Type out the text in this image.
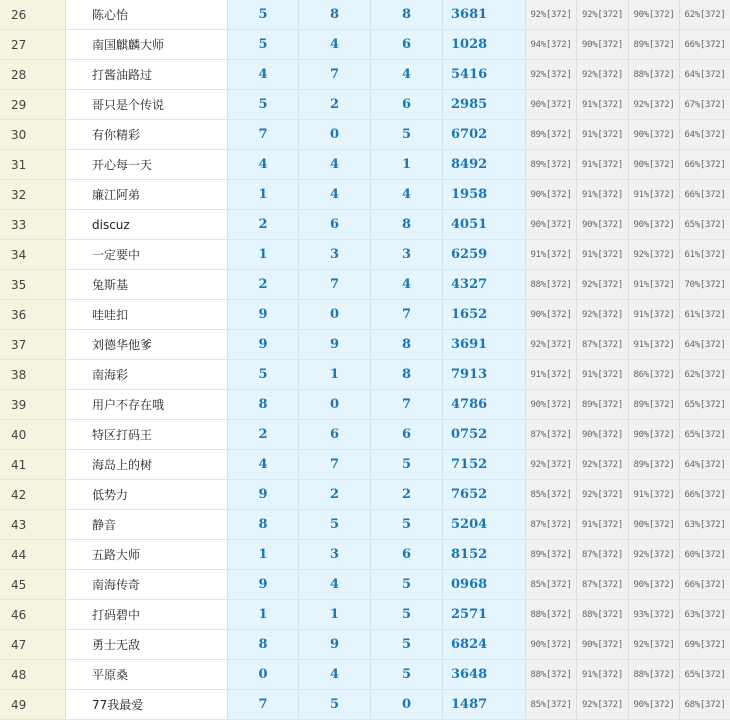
26	陈心怡	5	8	8	3681	92%[372]	92%[372]	90%[372]	62%[372]
27	南国麒麟大师	5	4	6	1028	94%[372]	90%[372]	89%[372]	66%[372]
28	打酱油路过	4	7	4	5416	92%[372]	92%[372]	88%[372]	64%[372]
29	哥只是个传说	5	2	6	2985	90%[372]	91%[372]	92%[372]	67%[372]
30	有你精彩	7	0	5	6702	89%[372]	91%[372]	90%[372]	64%[372]
31	开心每一天	4	4	1	8492	89%[372]	91%[372]	90%[372]	66%[372]
32	廉江阿弟	1	4	4	1958	90%[372]	91%[372]	91%[372]	66%[372]
33	discuz	2	6	8	4051	90%[372]	90%[372]	90%[372]	65%[372]
34	一定要中	1	3	3	6259	91%[372]	91%[372]	92%[372]	61%[372]
35	兔斯基	2	7	4	4327	88%[372]	92%[372]	91%[372]	70%[372]
36	哇哇扣	9	0	7	1652	90%[372]	92%[372]	91%[372]	61%[372]
37	刘德华他爹	9	9	8	3691	92%[372]	87%[372]	91%[372]	64%[372]
38	南海彩	5	1	8	7913	91%[372]	91%[372]	86%[372]	62%[372]
39	用户不存在哦	8	0	7	4786	90%[372]	89%[372]	89%[372]	65%[372]
40	特区打码王	2	6	6	0752	87%[372]	90%[372]	90%[372]	65%[372]
41	海岛上的树	4	7	5	7152	92%[372]	92%[372]	89%[372]	64%[372]
42	低势力	9	2	2	7652	85%[372]	92%[372]	91%[372]	66%[372]
43	静音	8	5	5	5204	87%[372]	91%[372]	90%[372]	63%[372]
44	五路大师	1	3	6	8152	89%[372]	87%[372]	92%[372]	60%[372]
45	南海传奇	9	4	5	0968	85%[372]	87%[372]	90%[372]	66%[372]
46	打码碧中	1	1	5	2571	88%[372]	88%[372]	93%[372]	63%[372]
47	勇士无敌	8	9	5	6824	90%[372]	90%[372]	92%[372]	69%[372]
48	平原桑	0	4	5	3648	88%[372]	91%[372]	88%[372]	65%[372]
49	77我最爱	7	5	0	1487	85%[372]	92%[372]	90%[372]	68%[372]
